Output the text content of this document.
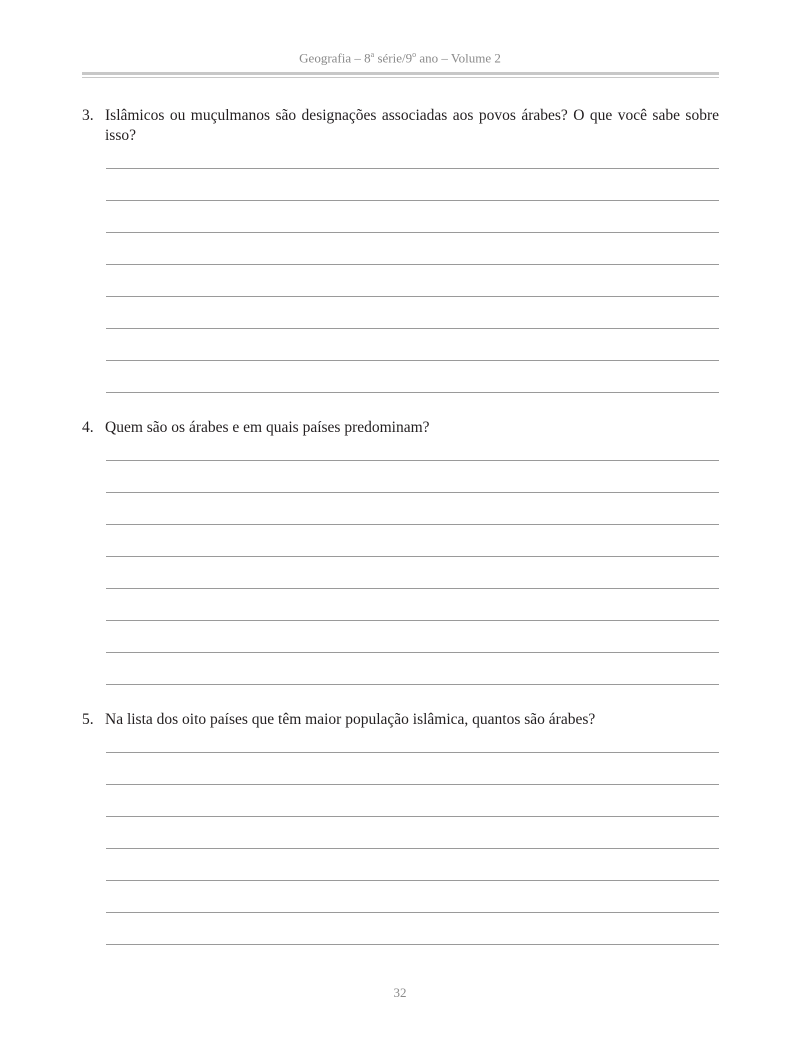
Geografia – 8$^a$ série/9$^o$ ano – Volume 2
3. Islâmicos ou muçulmanos são designações associadas aos povos árabes? O que você sabe sobre isso?
4. Quem são os árabes e em quais países predominam?
5. Na lista dos oito países que têm maior população islâmica, quantos são árabes?
32
